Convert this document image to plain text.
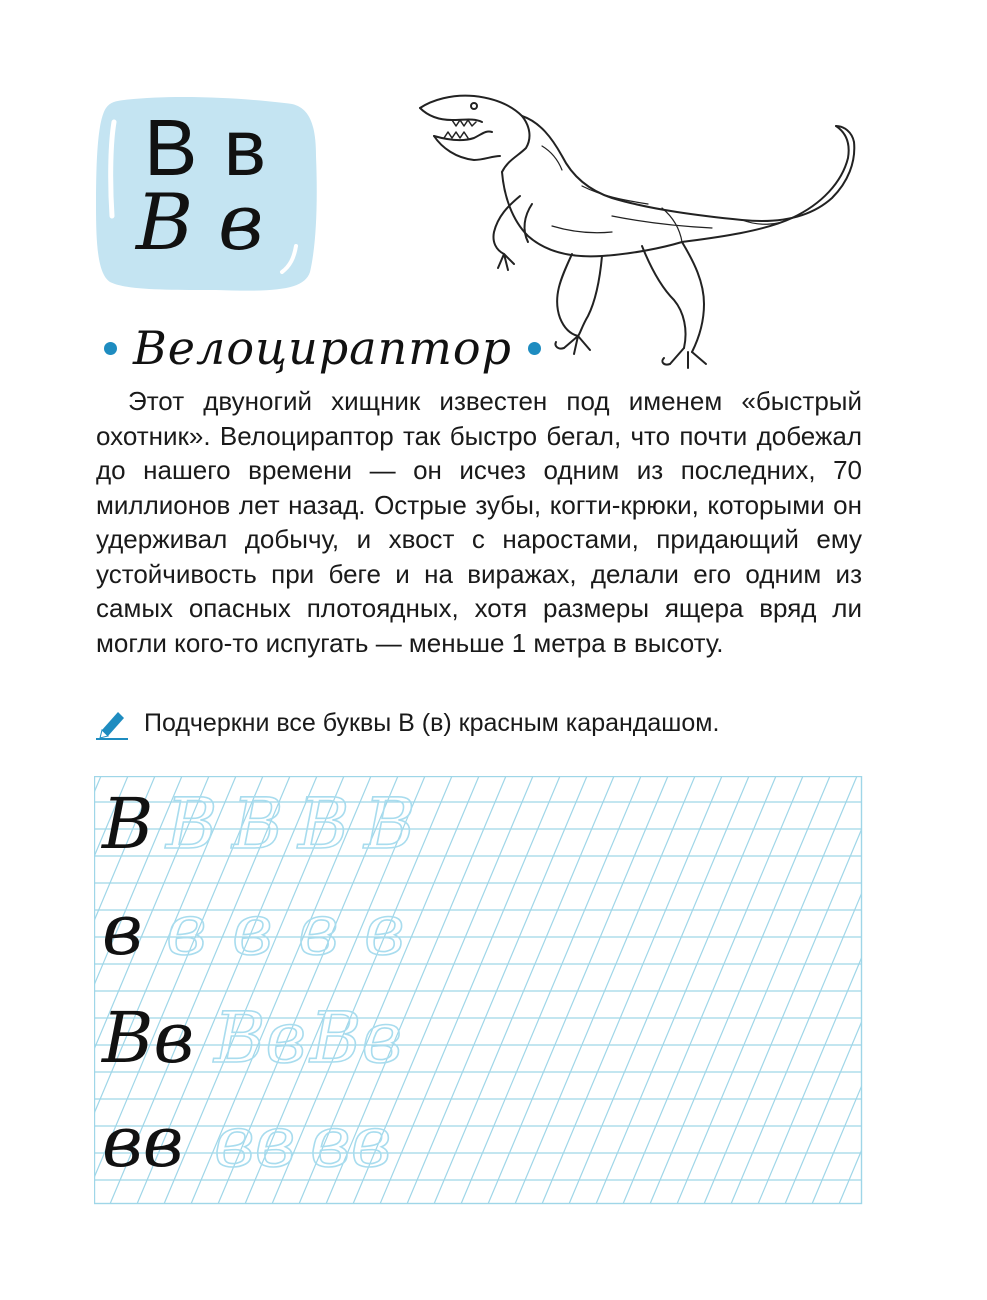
В в
В в
Велоцираптор

Этот двуногий хищник известен под именем «быстрый охотник». Велоцираптор так быстро бегал, что почти добежал до нашего времени — он исчез одним из последних, 70 миллионов лет назад. Острые зубы, когти-крюки, которыми он удерживал добычу, и хвост с наростами, придающий ему устойчивость при беге и на виражах, делали его одним из самых опасных плотоядных, хотя размеры ящера вряд ли могли кого-то испугать — меньше 1 метра в высоту.

Подчеркни все буквы В (в) красным карандашом.
В В В В В
в в в в в
Вв Вв Вв
вв вв вв
